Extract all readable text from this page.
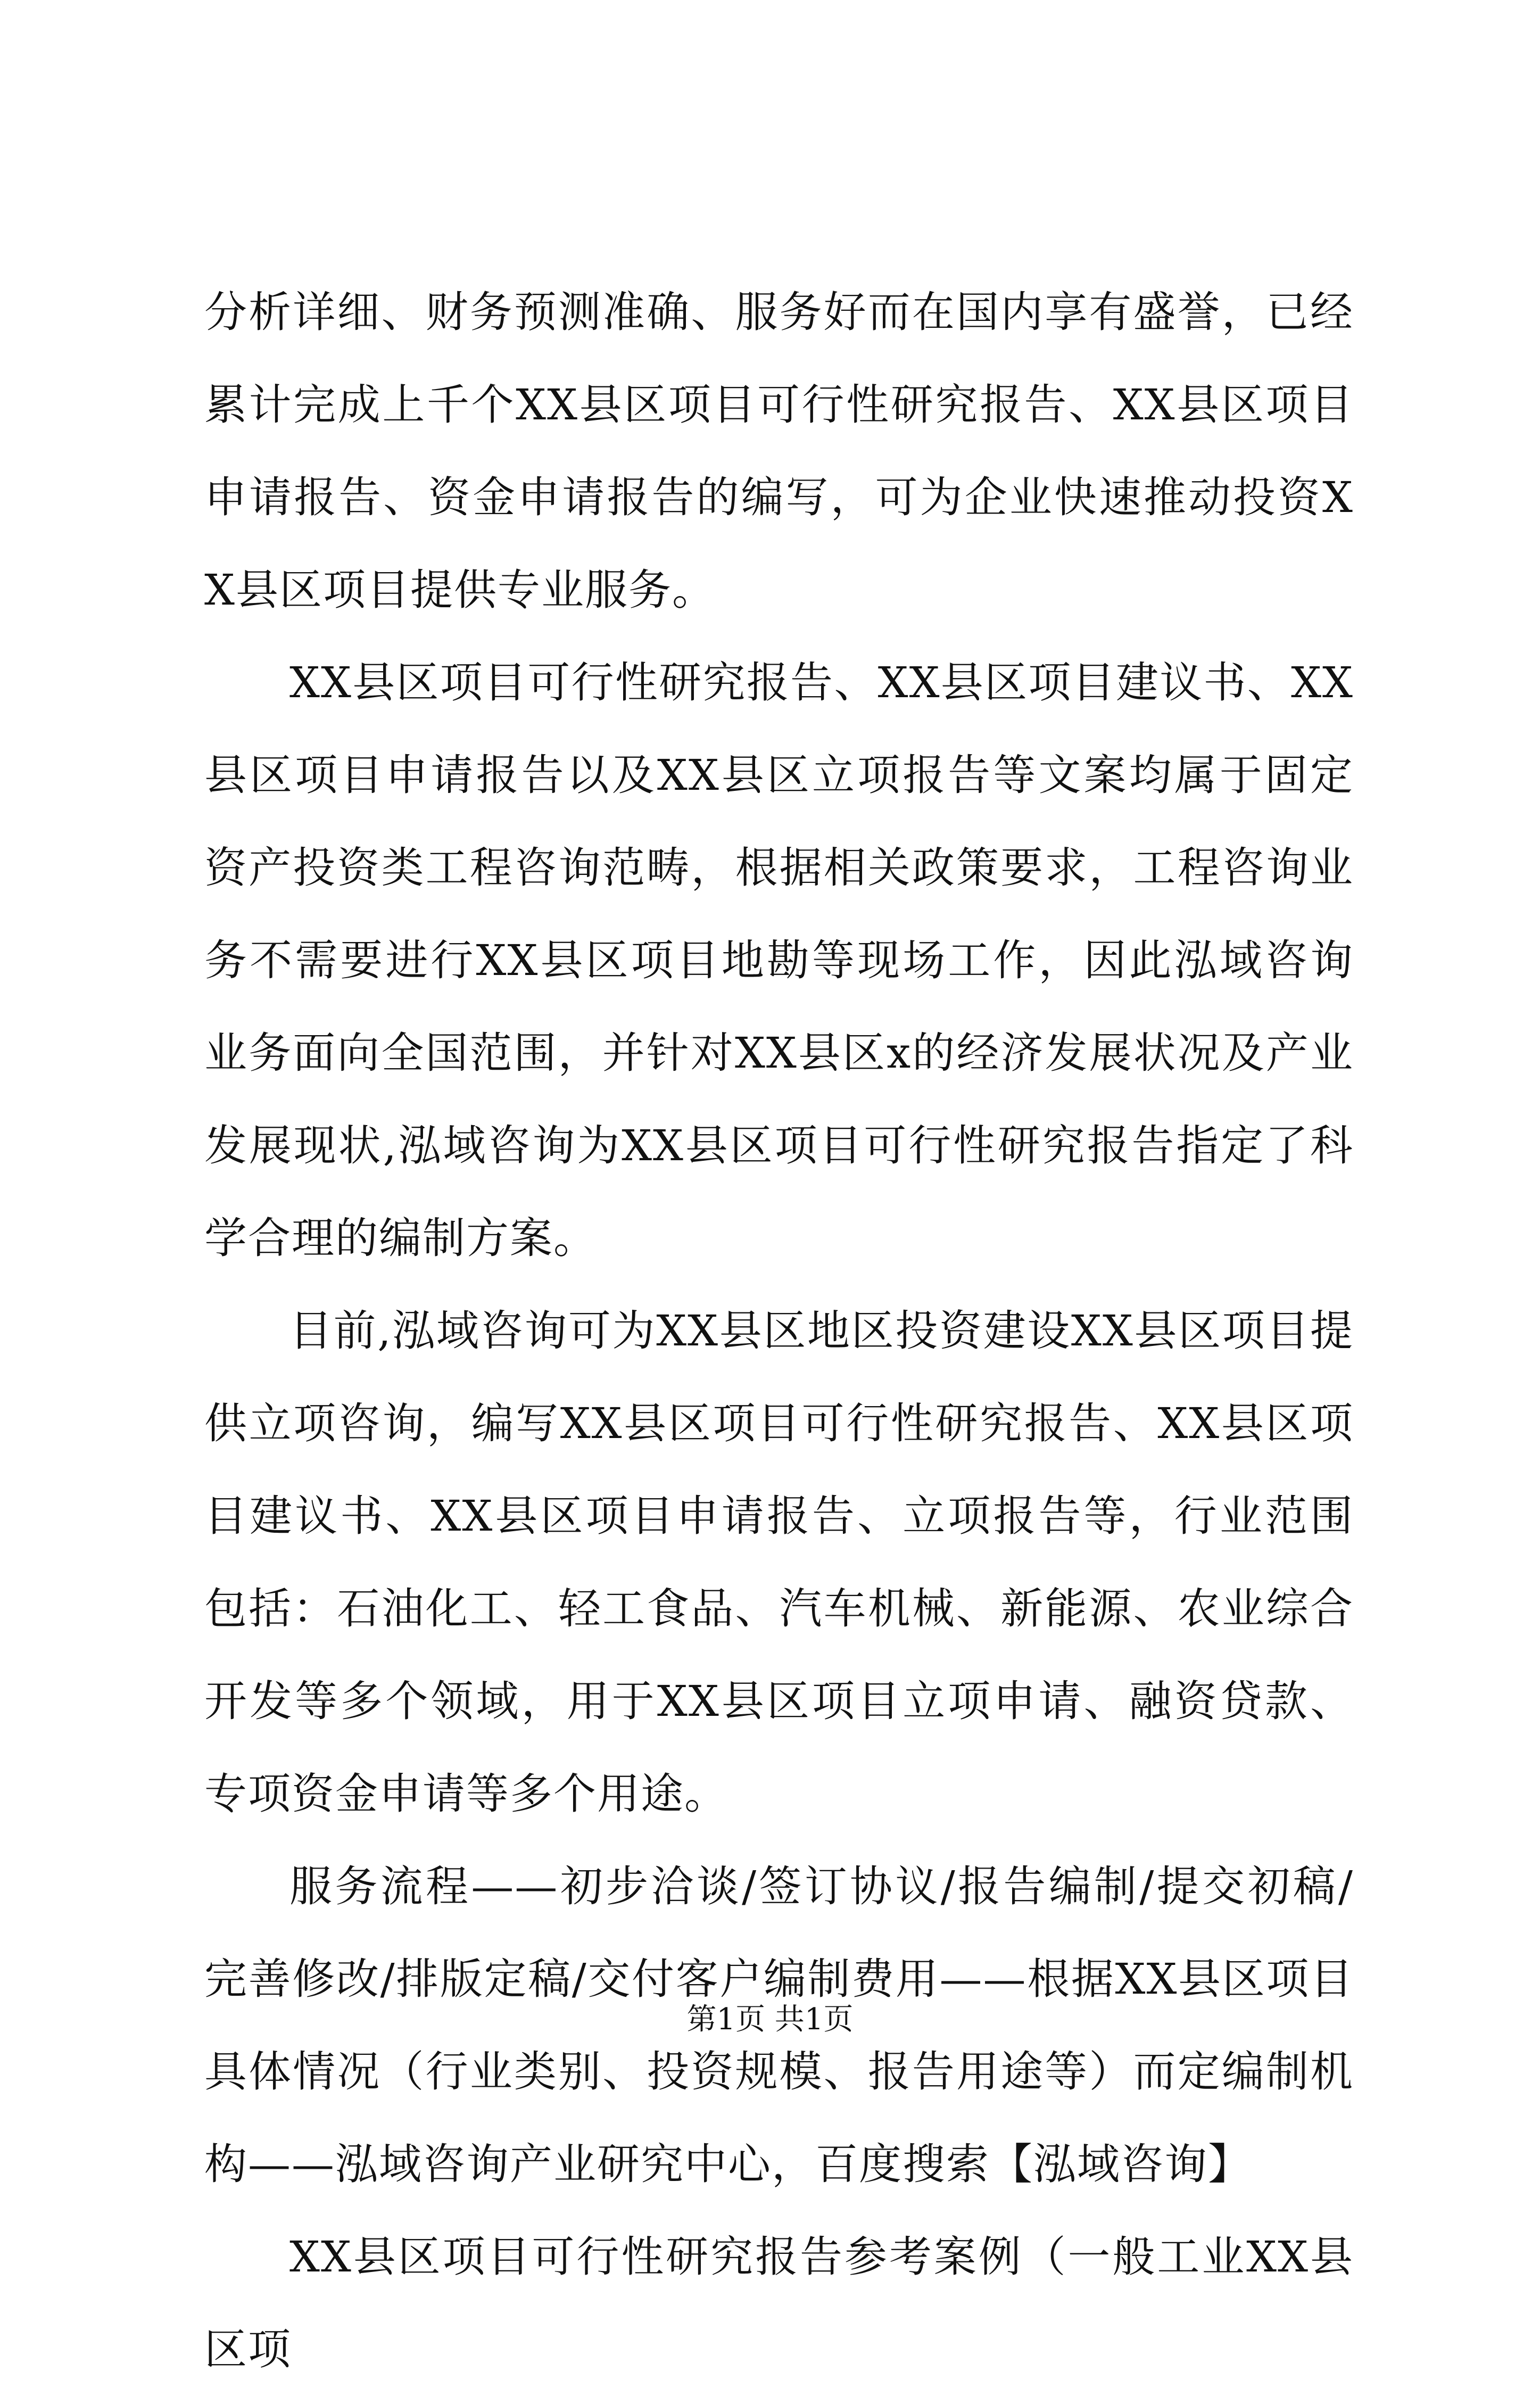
分析详细、财务预测准确、服务好而在国内享有盛誉，已经累计完成上千个XX县区项目可行性研究报告、XX县区项目申请报告、资金申请报告的编写，可为企业快速推动投资XX县区项目提供专业服务。

XX县区项目可行性研究报告、XX县区项目建议书、XX县区项目申请报告以及XX县区立项报告等文案均属于固定资产投资类工程咨询范畴，根据相关政策要求，工程咨询业务不需要进行XX县区项目地勘等现场工作，因此泓域咨询业务面向全国范围，并针对XX县区x的经济发展状况及产业发展现状,泓域咨询为XX县区项目可行性研究报告指定了科学合理的编制方案。

目前,泓域咨询可为XX县区地区投资建设XX县区项目提供立项咨询，编写XX县区项目可行性研究报告、XX县区项目建议书、XX县区项目申请报告、立项报告等，行业范围包括：石油化工、轻工食品、汽车机械、新能源、农业综合开发等多个领域，用于XX县区项目立项申请、融资贷款、专项资金申请等多个用途。

服务流程——初步洽谈/签订协议/报告编制/提交初稿/完善修改/排版定稿/交付客户编制费用——根据XX县区项目具体情况（行业类别、投资规模、报告用途等）而定编制机构——泓域咨询产业研究中心，百度搜索【泓域咨询】

XX县区项目可行性研究报告参考案例（一般工业XX县区项

第1页 共1页
